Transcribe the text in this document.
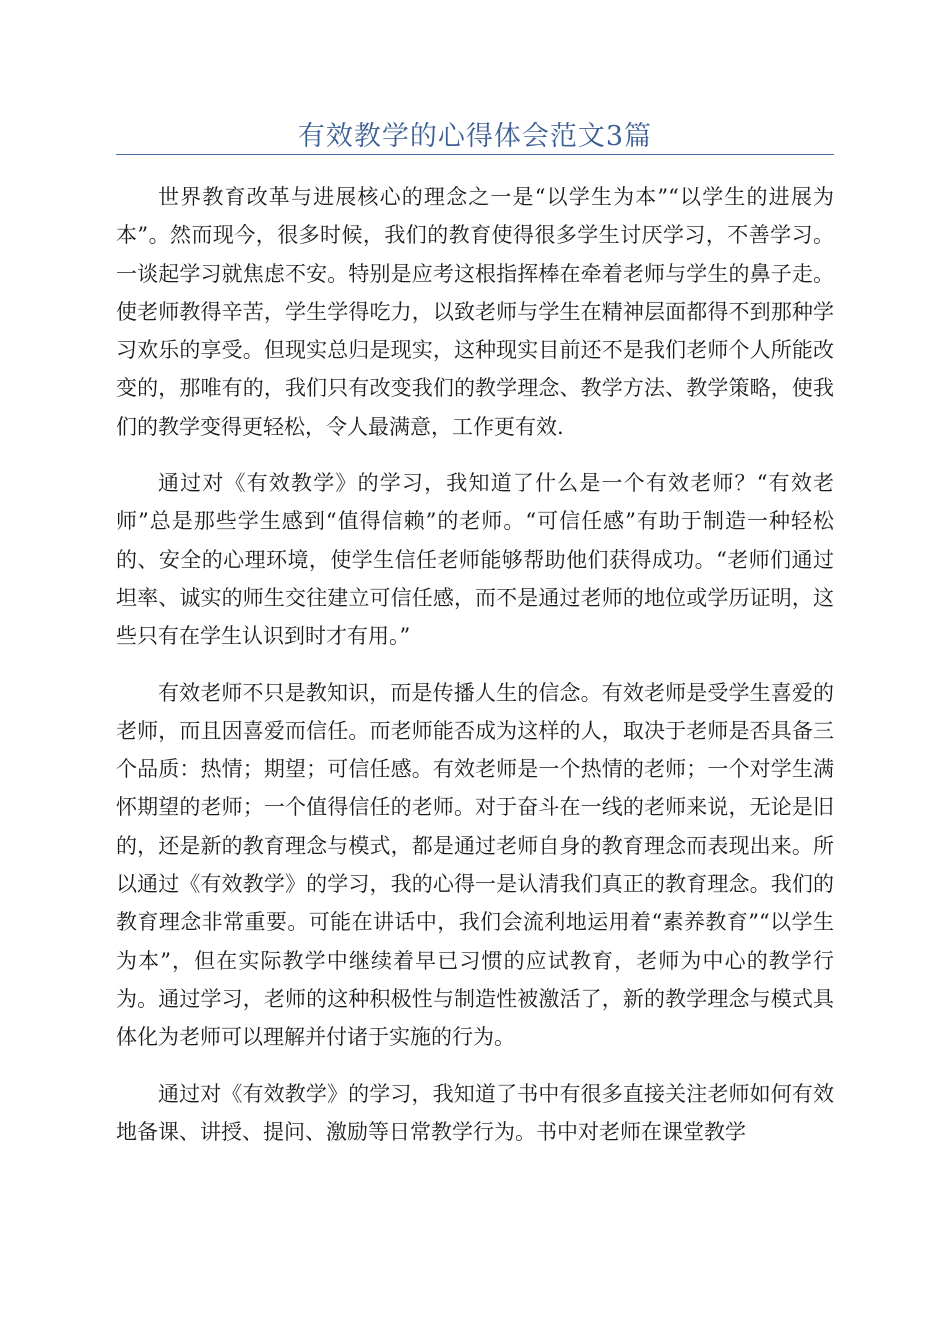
有效教学的心得体会范文3篇

世界教育改革与进展核心的理念之一是“以学生为本”“以学生的进展为本”。然而现今，很多时候，我们的教育使得很多学生讨厌学习，不善学习。一谈起学习就焦虑不安。特别是应考这根指挥棒在牵着老师与学生的鼻子走。使老师教得辛苦，学生学得吃力，以致老师与学生在精神层面都得不到那种学习欢乐的享受。但现实总归是现实，这种现实目前还不是我们老师个人所能改变的，那唯有的，我们只有改变我们的教学理念、教学方法、教学策略，使我们的教学变得更轻松，令人最满意，工作更有效.

通过对《有效教学》的学习，我知道了什么是一个有效老师？“有效老师”总是那些学生感到“值得信赖”的老师。“可信任感”有助于制造一种轻松的、安全的心理环境，使学生信任老师能够帮助他们获得成功。“老师们通过坦率、诚实的师生交往建立可信任感，而不是通过老师的地位或学历证明，这些只有在学生认识到时才有用。”

有效老师不只是教知识，而是传播人生的信念。有效老师是受学生喜爱的老师，而且因喜爱而信任。而老师能否成为这样的人，取决于老师是否具备三个品质：热情；期望；可信任感。有效老师是一个热情的老师；一个对学生满怀期望的老师；一个值得信任的老师。对于奋斗在一线的老师来说，无论是旧的，还是新的教育理念与模式，都是通过老师自身的教育理念而表现出来。所以通过《有效教学》的学习，我的心得一是认清我们真正的教育理念。我们的教育理念非常重要。可能在讲话中，我们会流利地运用着“素养教育”“以学生为本”，但在实际教学中继续着早已习惯的应试教育，老师为中心的教学行为。通过学习，老师的这种积极性与制造性被激活了，新的教学理念与模式具体化为老师可以理解并付诸于实施的行为。

通过对《有效教学》的学习，我知道了书中有很多直接关注老师如何有效地备课、讲授、提问、激励等日常教学行为。书中对老师在课堂教学
